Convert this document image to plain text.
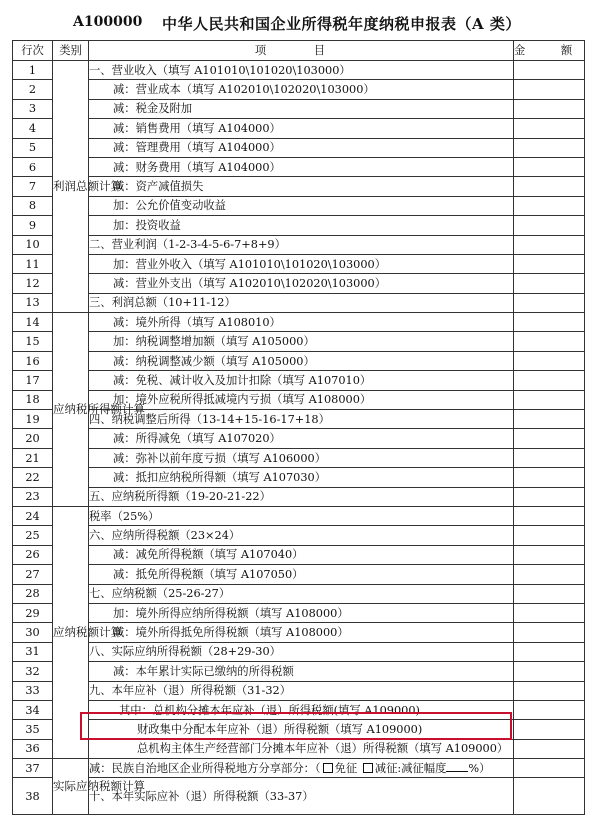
A100000 中华人民共和国企业所得税年度纳税申报表（A 类）
行次	类别	项 目	金 额
1	利润总额计算	一、营业收入（填写 A101010\101020\103000）	
2		减：营业成本（填写 A102010\102020\103000）	
3		减：税金及附加	
4		减：销售费用（填写 A104000）	
5		减：管理费用（填写 A104000）	
6		减：财务费用（填写 A104000）	
7		减：资产减值损失	
8		加：公允价值变动收益	
9		加：投资收益	
10		二、营业利润（1-2-3-4-5-6-7+8+9）	
11		加：营业外收入（填写 A101010\101020\103000）	
12		减：营业外支出（填写 A102010\102020\103000）	
13		三、利润总额（10+11-12）	
14	应纳税所得额计算	减：境外所得（填写 A108010）	
15		加：纳税调整增加额（填写 A105000）	
16		减：纳税调整减少额（填写 A105000）	
17		减：免税、减计收入及加计扣除（填写 A107010）	
18		加：境外应税所得抵减境内亏损（填写 A108000）	
19		四、纳税调整后所得（13-14+15-16-17+18）	
20		减：所得减免（填写 A107020）	
21		减：弥补以前年度亏损（填写 A106000）	
22		减：抵扣应纳税所得额（填写 A107030）	
23		五、应纳税所得额（19-20-21-22）	
24	应纳税额计算	税率（25%）	
25		六、应纳所得税额（23×24）	
26		减：减免所得税额（填写 A107040）	
27		减：抵免所得税额（填写 A107050）	
28		七、应纳税额（25-26-27）	
29		加：境外所得应纳所得税额（填写 A108000）	
30		减：境外所得抵免所得税额（填写 A108000）	
31		八、实际应纳所得税额（28+29-30）	
32		减：本年累计实际已缴纳的所得税额	
33		九、本年应补（退）所得税额（31-32）	
34		其中：总机构分摊本年应补（退）所得税额(填写 A109000)	
35		财政集中分配本年应补（退）所得税额（填写 A109000)	
36		总机构主体生产经营部门分摊本年应补（退）所得税额（填写 A109000）	
37	实际应纳税额计算	减：民族自治地区企业所得税地方分享部分：（ 免征 减征:减征幅度 %）	
38		十、本年实际应补（退）所得税额（33-37）	
